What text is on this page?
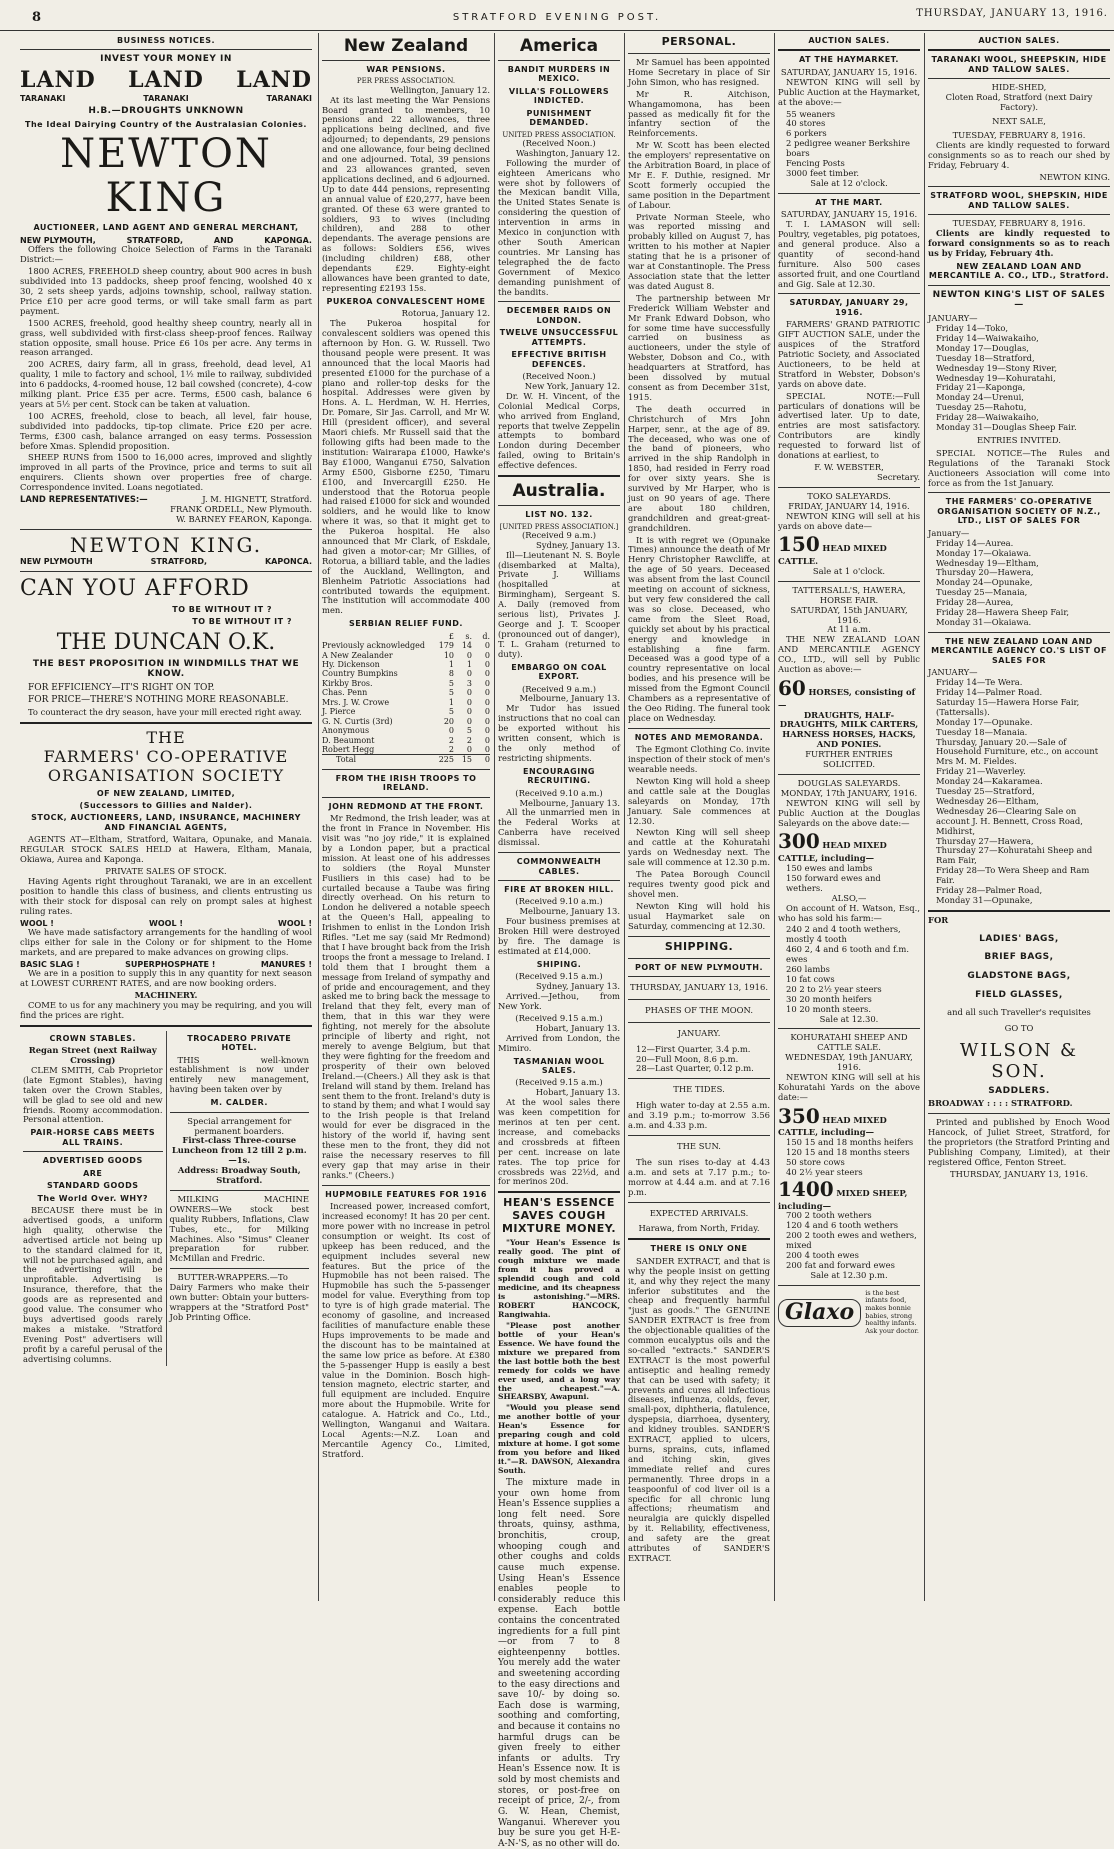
8	STRATFORD EVENING POST.	THURSDAY, JANUARY 13, 1916.
BUSINESS NOTICES.
INVEST YOUR MONEY IN
LAND LAND LAND
TARANAKI	TARANAKI	TARANAKI
H.B.—DROUGHTS UNKNOWN
The Ideal Dairying Country of the Australasian Colonies.
NEWTON KING
AUCTIONEER, LAND AGENT AND GENERAL MERCHANT,
NEW PLYMOUTH,	STRATFORD,	AND	KAPONGA.

Offers the following Choice Selection of Farms in the Taranaki District:—

1800 ACRES, FREEHOLD sheep country, about 900 acres in bush subdivided into 13 paddocks, sheep proof fencing, woolshed 40 x 30, 2 sets sheep yards, adjoins township, school, railway station. Price £10 per acre good terms, or will take small farm as part payment.

1500 ACRES, freehold, good healthy sheep country, nearly all in grass, well subdivided with first-class sheep-proof fences. Railway station opposite, small house. Price £6 10s per acre. Any terms in reason arranged.

200 ACRES, dairy farm, all in grass, freehold, dead level, A1 quality, 1 mile to factory and school, 1½ mile to railway, subdivided into 6 paddocks, 4-roomed house, 12 bail cowshed (concrete), 4-cow milking plant. Price £35 per acre. Terms, £500 cash, balance 6 years at 5½ per cent. Stock can be taken at valuation.

100 ACRES, freehold, close to beach, all level, fair house, subdivided into paddocks, tip-top climate. Price £20 per acre. Terms, £300 cash, balance arranged on easy terms. Possession before Xmas. Splendid proposition.

SHEEP RUNS from 1500 to 16,000 acres, improved and slightly improved in all parts of the Province, price and terms to suit all enquirers. Clients shown over properties free of charge. Correspondence invited. Loans negotiated.

LAND REPRESENTATIVES:—	J. M. HIGNETT, Stratford.
FRANK ORDELL, New Plymouth.
W. BARNEY FEARON, Kaponga.
NEWTON KING.
NEW PLYMOUTH	STRATFORD,	KAPONCA.
CAN YOU AFFORD
TO BE WITHOUT IT ?
TO BE WITHOUT IT ?
THE DUNCAN O.K.
THE BEST PROPOSITION IN WINDMILLS THAT WE KNOW.

FOR EFFICIENCY—IT'S RIGHT ON TOP.

FOR PRICE—THERE'S NOTHING MORE REASONABLE.

To counteract the dry season, have your mill erected right away.

THE
FARMERS' CO-OPERATIVE
ORGANISATION SOCIETY
OF NEW ZEALAND, LIMITED,
(Successors to Gillies and Nalder).
STOCK, AUCTIONEERS, LAND, INSURANCE, MACHINERY AND FINANCIAL AGENTS,

AGENTS AT—Eltham, Stratford, Waitara, Opunake, and Manaia. REGULAR STOCK SALES HELD at Hawera, Eltham, Manaia, Okiawa, Aurea and Kaponga.

PRIVATE SALES OF STOCK.

Having Agents right throughout Taranaki, we are in an excellent position to handle this class of business, and clients entrusting us with their stock for disposal can rely on prompt sales at highest ruling rates.

WOOL !	WOOL !	WOOL !

We have made satisfactory arrangements for the handling of wool clips either for sale in the Colony or for shipment to the Home markets, and are prepared to make advances on growing clips.

BASIC SLAG !	SUPERPHOSPHATE !	MANURES !

We are in a position to supply this in any quantity for next season at LOWEST CURRENT RATES, and are now booking orders.

MACHINERY.

COME to us for any machinery you may be requiring, and you will find the prices are right.

CROWN STABLES.
Regan Street (next Railway Crossing)

CLEM SMITH, Cab Proprietor (late Egmont Stables), having taken over the Crown Stables, will be glad to see old and new friends. Roomy accommodation. Personal attention.

PAIR-HORSE CABS MEETS ALL TRAINS.
ADVERTISED GOODS
ARE
STANDARD GOODS
The World Over. WHY?

BECAUSE there must be in advertised goods, a uniform high quality, otherwise the advertised article not being up to the standard claimed for it, will not be purchased again, and the advertising will be unprofitable. Advertising is Insurance, therefore, that the goods are as represented and good value. The consumer who buys advertised goods rarely makes a mistake. "Stratford Evening Post" advertisers will profit by a careful perusal of the advertising columns.

TROCADERO PRIVATE HOTEL.

THIS well-known establishment is now under entirely new management, having been taken over by

M. CALDER.
Special arrangement for permanent boarders.
First-class Three-course Luncheon from 12 till 2 p.m.—1s.
Address: Broadway South, Stratford.

MILKING MACHINE OWNERS—We stock best quality Rubbers, Inflations, Claw Tubes, etc., for Milking Machines. Also "Simus" Cleaner preparation for rubber. McMillan and Fredric.

BUTTER-WRAPPERS.—To Dairy Farmers who make their own butter: Obtain your butters-wrappers at the "Stratford Post" Job Printing Office.

New Zealand
WAR PENSIONS.
PER PRESS ASSOCIATION.
Wellington, January 12.

At its last meeting the War Pensions Board granted to members, 10 pensions and 22 allowances, three applications being declined, and five adjourned; to dependants, 29 pensions and one allowance, four being declined and one adjourned. Total, 39 pensions and 23 allowances granted, seven applications declined, and 6 adjourned. Up to date 444 pensions, representing an annual value of £20,277, have been granted. Of these 63 were granted to soldiers, 93 to wives (including children), and 288 to other dependants. The average pensions are as follows: Soldiers £56, wives (including children) £88, other dependants £29. Eighty-eight allowances have been granted to date, representing £2193 15s.

PUKEROA CONVALESCENT HOME
Rotorua, January 12.

The Pukeroa hospital for convalescent soldiers was opened this afternoon by Hon. G. W. Russell. Two thousand people were present. It was announced that the local Maoris had presented £1000 for the purchase of a piano and roller-top desks for the hospital. Addresses were given by Hons. A. L. Herdman, W. H. Herries, Dr. Pomare, Sir Jas. Carroll, and Mr W. Hill (president officer), and several Maori chiefs. Mr Russell said that the following gifts had been made to the institution: Wairarapa £1000, Hawke's Bay £1000, Wanganui £750, Salvation Army £500, Gisborne £250, Timaru £100, and Invercargill £250. He understood that the Rotorua people had raised £1000 for sick and wounded soldiers, and he would like to know where it was, so that it might get to the Pukeroa hospital. He also announced that Mr Clark, of Eskdale, had given a motor-car; Mr Gillies, of Rotorua, a billiard table, and the ladies of the Auckland, Wellington, and Blenheim Patriotic Associations had contributed towards the equipment. The institution will accommodate 400 men.

SERBIAN RELIEF FUND.
	£	s.	d.
Previously acknowledged	179	14	0
A New Zealander	10	0	0
Hy. Dickenson	1	1	0
Country Bumpkins	8	0	0
Kirkby Bros.	5	3	0
Chas. Penn	5	0	0
Mrs. J. W. Crowe	1	0	0
J. Pierce	5	0	0
G. N. Curtis (3rd)	20	0	0
Anonymous	0	5	0
D. Beaumont	2	2	0
Robert Hegg	2	0	0
Total	225	15	0
FROM THE IRISH TROOPS TO IRELAND.
JOHN REDMOND AT THE FRONT.

Mr Redmond, the Irish leader, was at the front in France in November. His visit was "no joy ride," it is explained by a London paper, but a practical mission. At least one of his addresses to soldiers (the Royal Munster Fusiliers in this case) had to be curtailed because a Taube was firing directly overhead. On his return to London he delivered a notable speech at the Queen's Hall, appealing to Irishmen to enlist in the London Irish Rifles. "Let me say (said Mr Redmond) that I have brought back from the Irish troops the front a message to Ireland. I told them that I brought them a message from Ireland of sympathy and of pride and encouragement, and they asked me to bring back the message to Ireland that they felt, every man of them, that in this war they were fighting, not merely for the absolute principle of liberty and right, not merely to avenge Belgium, but that they were fighting for the freedom and prosperity of their own beloved Ireland.—(Cheers.) All they ask is that Ireland will stand by them. Ireland has sent them to the front. Ireland's duty is to stand by them; and what I would say to the Irish people is that Ireland would for ever be disgraced in the history of the world if, having sent these men to the front, they did not raise the necessary reserves to fill every gap that may arise in their ranks." (Cheers.)

HUPMOBILE FEATURES FOR 1916

Increased power, increased comfort, increased economy! It has 20 per cent. more power with no increase in petrol consumption or weight. Its cost of upkeep has been reduced, and the equipment includes several new features. But the price of the Hupmobile has not been raised. The Hupmobile has such the 5-passenger model for value. Everything from top to tyre is of high grade material. The economy of gasoline, and increased facilities of manufacture enable these Hups improvements to be made and the discount has to be maintained at the same low price as before. At £380 the 5-passenger Hupp is easily a best value in the Dominion. Bosch high-tension magneto, electric starter, and full equipment are included. Enquire more about the Hupmobile. Write for catalogue. A. Hatrick and Co., Ltd., Wellington, Wanganui and Waitara. Local Agents:—N.Z. Loan and Mercantile Agency Co., Limited, Stratford.

America
BANDIT MURDERS IN MEXICO.
VILLA'S FOLLOWERS INDICTED.
PUNISHMENT DEMANDED.
UNITED PRESS ASSOCIATION.
(Received Noon.)
Washington, January 12.

Following the murder of eighteen Americans who were shot by followers of the Mexican bandit Villa, the United States Senate is considering the question of intervention in arms in Mexico in conjunction with other South American countries. Mr Lansing has telegraphed the de facto Government of Mexico demanding punishment of the bandits.

DECEMBER RAIDS ON LONDON.
TWELVE UNSUCCESSFUL ATTEMPTS.
EFFECTIVE BRITISH DEFENCES.
(Received Noon.)
New York, January 12.

Dr. W. H. Vincent, of the Colonial Medical Corps, who arrived from England, reports that twelve Zeppelin attempts to bombard London during December failed, owing to Britain's effective defences.

Australia.
LIST NO. 132.
[UNITED PRESS ASSOCIATION.]
(Received 9 a.m.)
Sydney, January 13.

Ill—Lieutenant N. S. Boyle (disembarked at Malta), Private J. Williams (hospitalled at Birmingham), Sergeant S. A. Daily (removed from serious list), Privates J. George and J. T. Scooper (pronounced out of danger), T. L. Graham (returned to duty).

EMBARGO ON COAL EXPORT.
(Received 9 a.m.)
Melbourne, January 13.

Mr Tudor has issued instructions that no coal can be exported without his written consent, which is the only method of restricting shipments.

ENCOURAGING RECRUITING.
(Received 9.10 a.m.)
Melbourne, January 13.

All the unmarried men in the Federal Works at Canberra have received dismissal.

COMMONWEALTH CABLES.
FIRE AT BROKEN HILL.
(Received 9.10 a.m.)
Melbourne, January 13.

Four business premises at Broken Hill were destroyed by fire. The damage is estimated at £14,000.

SHIPING.
(Received 9.15 a.m.)
Sydney, January 13.

Arrived.—Jethou, from New York.

(Received 9.15 a.m.)
Hobart, January 13.

Arrived from London, the Mimiro.

TASMANIAN WOOL SALES.
(Received 9.15 a.m.)
Hobart, January 13.

At the wool sales there was keen competition for merinos at ten per cent. increase, and comebacks and crossbreds at fifteen per cent. increase on late rates. The top price for crossbreds was 22½d, and for merinos 20d.

HEAN'S ESSENCE SAVES COUGH MIXTURE MONEY.

"Your Hean's Essence is really good. The pint of cough mixture we made from it has proved a splendid cough and cold medicine, and its cheapness is astonishing."—MRS. ROBERT HANCOCK, Rangiwahia.

"Please post another bottle of your Hean's Essence. We have found the mixture we prepared from the last bottle both the best remedy for colds we have ever used, and a long way the cheapest."—A. SHEARSBY, Awapuni.

"Would you please send me another bottle of your Hean's Essence for preparing cough and cold mixture at home. I got some from you before and liked it."—R. DAWSON, Alexandra South.

The mixture made in your own home from Hean's Essence supplies a long felt need. Sore throats, quinsy, asthma, bronchitis, croup, whooping cough and other coughs and colds cause much expense. Using Hean's Essence enables people to considerably reduce this expense. Each bottle contains the concentrated ingredients for a full pint—or from 7 to 8 eighteenpenny bottles. You merely add the water and sweetening according to the easy directions and save 10/- by doing so. Each dose is warming, soothing and comforting, and because it contains no harmful drugs can be given freely to either infants or adults. Try Hean's Essence now. It is sold by most chemists and stores, or post-free on receipt of price, 2/-, from G. W. Hean, Chemist, Wanganui. Wherever you buy be sure you get H-E-A-N-'S, as no other will do.

PERSONAL.

Mr Samuel has been appointed Home Secretary in place of Sir John Simon, who has resigned.

Mr R. Aitchison, Whangamomona, has been passed as medically fit for the infantry section of the Reinforcements.

Mr W. Scott has been elected the employers' representative on the Arbitration Board, in place of Mr E. F. Duthie, resigned. Mr Scott formerly occupied the same position in the Department of Labour.

Private Norman Steele, who was reported missing and probably killed on August 7, has written to his mother at Napier stating that he is a prisoner of war at Constantinople. The Press Association state that the letter was dated August 8.

The partnership between Mr Frederick William Webster and Mr Frank Edward Dobson, who for some time have successfully carried on business as auctioneers, under the style of Webster, Dobson and Co., with headquarters at Stratford, has been dissolved by mutual consent as from December 31st, 1915.

The death occurred in Christchurch of Mrs John Harper, senr., at the age of 89. The deceased, who was one of the band of pioneers, who arrived in the ship Randolph in 1850, had resided in Ferry road for over sixty years. She is survived by Mr Harper, who is just on 90 years of age. There are about 180 children, grandchildren and great-great-grandchildren.

It is with regret we (Opunake Times) announce the death of Mr Henry Christopher Rawcliffe, at the age of 50 years. Deceased was absent from the last Council meeting on account of sickness, but very few considered the call was so close. Deceased, who came from the Sleet Road, quickly set about by his practical energy and knowledge in establishing a fine farm. Deceased was a good type of a country representative on local bodies, and his presence will be missed from the Egmont Council Chambers as a representative of the Oeo Riding. The funeral took place on Wednesday.

NOTES AND MEMORANDA.

The Egmont Clothing Co. invite inspection of their stock of men's wearable needs.

Newton King will hold a sheep and cattle sale at the Douglas saleyards on Monday, 17th January. Sale commences at 12.30.

Newton King will sell sheep and cattle at the Kohuratahi yards on Wednesday next. The sale will commence at 12.30 p.m.

The Patea Borough Council requires twenty good pick and shovel men.

Newton King will hold his usual Haymarket sale on Saturday, commencing at 12.30.

SHIPPING.
PORT OF NEW PLYMOUTH.
THURSDAY, JANUARY 13, 1916.
PHASES OF THE MOON.
JANUARY.
12—First Quarter, 3.4 p.m.
20—Full Moon, 8.6 p.m.
28—Last Quarter, 0.12 p.m.
THE TIDES.

High water to-day at 2.55 a.m. and 3.19 p.m.; to-morrow 3.56 a.m. and 4.33 p.m.

THE SUN.

The sun rises to-day at 4.43 a.m. and sets at 7.17 p.m.; to-morrow at 4.44 a.m. and at 7.16 p.m.

EXPECTED ARRIVALS.
Harawa, from North, Friday.
THERE IS ONLY ONE

SANDER EXTRACT, and that is why the people insist on getting it, and why they reject the many inferior substitutes and the cheap and frequently harmful "just as goods." The GENUINE SANDER EXTRACT is free from the objectionable qualities of the common eucalyptus oils and the so-called "extracts." SANDER'S EXTRACT is the most powerful antiseptic and healing remedy that can be used with safety; it prevents and cures all infectious diseases, influenza, colds, fever, small-pox, diphtheria, flatulence, dyspepsia, diarrhoea, dysentery, and kidney troubles. SANDER'S EXTRACT, applied to ulcers, burns, sprains, cuts, inflamed and itching skin, gives immediate relief and cures permanently. Three drops in a teaspoonful of cod liver oil is a specific for all chronic lung affections; rheumatism and neuralgia are quickly dispelled by it. Reliability, effectiveness, and safety are the great attributes of SANDER'S EXTRACT.

AUCTION SALES.
AT THE HAYMARKET.
SATURDAY, JANUARY 15, 1916.

NEWTON KING will sell by Public Auction at the Haymarket, at the above:—

55 weaners
40 stores
6 porkers
2 pedigree weaner Berkshire boars
Fencing Posts
3000 feet timber.
Sale at 12 o'clock.
AT THE MART.
SATURDAY, JANUARY 15, 1916.

T. I. LAMASON will sell: Poultry, vegetables, pig potatoes, and general produce. Also a quantity of second-hand furniture. Also 500 cases assorted fruit, and one Courtland and Gig. Sale at 12.30.

SATURDAY, JANUARY 29, 1916.

FARMERS' GRAND PATRIOTIC GIFT AUCTION SALE, under the auspices of the Stratford Patriotic Society, and Associated Auctioneers, to be held at Stratford in Webster, Dobson's yards on above date.

SPECIAL NOTE:—Full particulars of donations will be advertised later. Up to date, entries are most satisfactory. Contributors are kindly requested to forward list of donations at earliest, to

F. W. WEBSTER,
Secretary.
TOKO SALEYARDS.
FRIDAY, JANUARY 14, 1916.

NEWTON KING will sell at his yards on above date—

150 HEAD MIXED CATTLE.
Sale at 1 o'clock.
TATTERSALL'S, HAWERA,
HORSE FAIR.
SATURDAY, 15th JANUARY, 1916.
At 11 a.m.

THE NEW ZEALAND LOAN AND MERCANTILE AGENCY CO., LTD., will sell by Public Auction as above:—

60 HORSES, consisting of—
DRAUGHTS, HALF-DRAUGHTS, MILK CARTERS, HARNESS HORSES, HACKS, AND PONIES.
FURTHER ENTRIES SOLICITED.
DOUGLAS SALEYARDS.
MONDAY, 17th JANUARY, 1916.

NEWTON KING will sell by Public Auction at the Douglas Saleyards on the above date:—

300 HEAD MIXED CATTLE, including—
150 ewes and lambs
150 forward ewes and wethers.
ALSO,—

On account of H. Watson, Esq., who has sold his farm:—

240 2 and 4 tooth wethers, mostly 4 tooth
460 2, 4 and 6 tooth and f.m. ewes
260 lambs
10 fat cows
20 2 to 2½ year steers
30 20 month heifers
10 20 month steers.
Sale at 12.30.
KOHURATAHI SHEEP AND CATTLE SALE.
WEDNESDAY, 19th JANUARY, 1916.

NEWTON KING will sell at his Kohuratahi Yards on the above date:—

350 HEAD MIXED CATTLE, including—
150 15 and 18 months heifers
120 15 and 18 months steers
50 store cows
40 2½ year steers
1400 MIXED SHEEP, including—
700 2 tooth wethers
120 4 and 6 tooth wethers
200 2 tooth ewes and wethers, mixed
200 4 tooth ewes
200 fat and forward ewes
Sale at 12.30 p.m.
Glaxo
is the best infants food, makes bonnie babies, strong healthy infants. Ask your doctor.
AUCTION SALES.
TARANAKI WOOL, SHEEPSKIN, HIDE AND TALLOW SALES.
HIDE-SHED,
Cloten Road, Stratford (next Dairy Factory).
NEXT SALE,
TUESDAY, FEBRUARY 8, 1916.

Clients are kindly requested to forward consignments so as to reach our shed by Friday, February 4.

NEWTON KING.
STRATFORD WOOL, SHEPSKIN, HIDE AND TALLOW SALES.
TUESDAY, FEBRUARY 8, 1916.

Clients are kindly requested to forward consignments so as to reach us by Friday, February 4th.

NEW ZEALAND LOAN AND MERCANTILE A. CO., LTD., Stratford.
NEWTON KING'S LIST OF SALES—
JANUARY—
Friday 14—Toko,
Friday 14—Waiwakaiho,
Monday 17—Douglas,
Tuesday 18—Stratford,
Wednesday 19—Stony River,
Wednesday 19—Kohuratahi,
Friday 21—Kaponga,
Monday 24—Urenui,
Tuesday 25—Rahotu,
Friday 28—Waiwakaiho,
Monday 31—Douglas Sheep Fair.
ENTRIES INVITED.

SPECIAL NOTICE—The Rules and Regulations of the Taranaki Stock Auctioneers Association will come into force as from the 1st January.

THE FARMERS' CO-OPERATIVE ORGANISATION SOCIETY OF N.Z., LTD., LIST OF SALES FOR
January—
Friday 14—Aurea.
Monday 17—Okaiawa.
Wednesday 19—Eltham,
Thursday 20—Hawera,
Monday 24—Opunake,
Tuesday 25—Manaia,
Friday 28—Aurea,
Friday 28—Hawera Sheep Fair,
Monday 31—Okaiawa.
THE NEW ZEALAND LOAN AND MERCANTILE AGENCY CO.'S LIST OF SALES FOR
JANUARY—
Friday 14—Te Wera.
Friday 14—Palmer Road.
Saturday 15—Hawera Horse Fair, (Tattersalls).
Monday 17—Opunake.
Tuesday 18—Manaia.
Thursday, January 20.—Sale of Household Furniture, etc., on account Mrs M. M. Fieldes.
Friday 21—Waverley.
Monday 24—Kakaramea.
Tuesday 25—Stratford,
Wednesday 26—Eltham,
Wednesday 26—Clearing Sale on account J. H. Bennett, Cross Road, Midhirst,
Thursday 27—Hawera,
Thursday 27—Kohuratahi Sheep and Ram Fair,
Friday 28—To Wera Sheep and Ram Fair.
Friday 28—Palmer Road,
Monday 31—Opunake,
FOR
LADIES' BAGS,
BRIEF BAGS,
GLADSTONE BAGS,
FIELD GLASSES,
and all such Traveller's requisites
GO TO
WILSON &
SON.
SADDLERS.
BROADWAY : : : : STRATFORD.

Printed and published by Enoch Wood Hancock, of Juliet Street, Stratford, for the proprietors (the Stratford Printing and Publishing Company, Limited), at their registered Office, Fenton Street.

THURSDAY, JANUARY 13, 1916.
